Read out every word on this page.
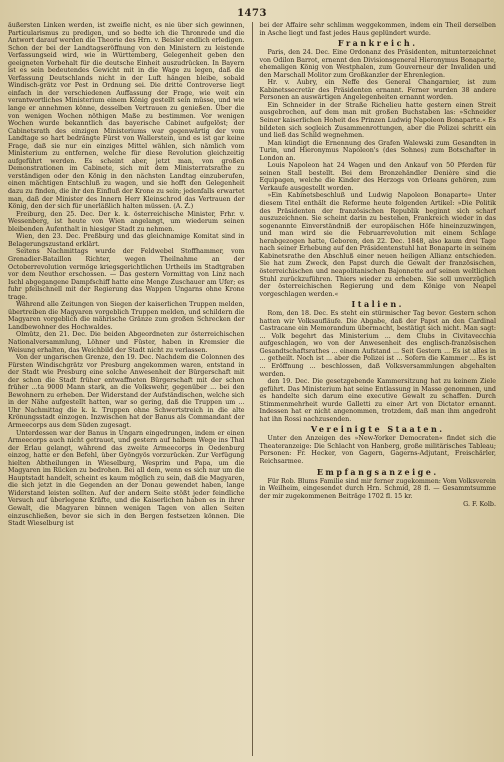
1473

äußersten Linken werden, ist zweifle nicht, es nie über sich gewinnen, Particularismus zu predigen, und so bedte ich die Thronrede und die Antwort darauf werden die Theorie des Hrn. v. Beisler endlich erledigen. Schon der bei der Landtagseröffnung von den Ministern zu leistende Verfassungseid wird, wie in Württemberg, Gelegenheit geben den geeigneten Vorbehalt für die deutsche Einheit auszudrücken. In Bayern ist es sein bedeutendes Gewicht mit in die Wage zu legen, daß die Verfassung Deutschlands nicht in der Luft hängen bleibe, sobald Windisch-grätz vor Pest in Ordnung sei. Die dritte Controverse liegt einfach in der verschiedenen Auffassung der Frage, wie weit ein verantwortliches Ministerium einem König gestellt sein müsse, und wie lange er annehmen könne, desselben Vertrauen zu genießen. Über die von wenigen Wochen nöthigen Maße zu bestimmen. Vor wenigen Wochen wurde bekanntlich das bayerische Cabinet aufgelöst; der Cabinetsrath des einzigen Ministeriums war gegenwärtig der vom Landtage so hart bedrängte Fürst von Wallerstein, und es ist gar keine Frage, daß sie nur ein einziges Mittel wählen, sich nämlich vom Ministerium zu entfernen, welche für diese Revolution gleichzeitig aufgeführt werden. Es scheint aber, jetzt man, von großen Demonstrationen im Cabinete, sich mit dem Ministerratsrathe zu verständigen oder den König in den nächsten Landtag einzuberufen, einen mächtigen Entschluß zu wagen, und sie hofft den Gelegenheit dazu zu finden, die ihr den Einfluß der Krone zu sein; jedenfalls erwartet man, daß der Minister des Innern Herr Kleinschrod das Vertrauen der König, den der sich für unerläßlich halten müssen. (A. Z.)

Freiburg, den 25. Dec. Der k. k. österreichische Minister, Frhr. v. Wessenberg, ist heute von Wien angelangt, um wiederum seinen bleibenden Aufenthalt in hiesiger Stadt zu nehmen.

Wien, den 23. Dec. Preßburg und das gleichnamige Komitat sind in Belagerungszustand erklärt.

Seitens Nachmittags wurde der Feldwebel Stoffhammer, vom Grenadier-Bataillon Richter, wegen Theilnahme an der Octoberrevolution vermöge kriegsgerichtlichen Urtheils im Stadtgraben vor dem Neuthor erschossen. — Das gestern Vormittag von Linz nach Ischl abgegangene Dampfschiff hatte eine Menge Zuschauer am Ufer; es fuhr pfeilschnell mit der Regierung das Wappen Ungarns ohne Krone trage.

Während alle Zeitungen von Siegen der kaiserlichen Truppen melden, übertreiben die Magyaren vorgeblich Truppen melden, und schildern die Magyaren vorgeblich die mährische Gränze zum großen Schrecken der Landbewohner des Hochwaldes.

Olmütz, den 21. Dec. Die beiden Abgeordneten zur österreichischen Nationalversammlung, Löhner und Füster, haben in Kremsier die Weisung erhalten, das Weichbild der Stadt nicht zu verlassen.

Von der ungarischen Grenze, den 19. Dec. Nachdem die Colonnen des Fürsten Windischgrätz vor Presburg angekommen waren, entstand in der Stadt wie Presburg eine solche Anwesenheit der Bürgerschaft mit der schon die Stadt früher entwaffneten Bürgerschaft mit der schon früher ...ta 9000 Mann stark, an die Volkswehr, gegenüber ... bei den Bewohnern zu erheben. Der Widerstand der Aufständischen, welche sich in der Nähe aufgestellt hatten, war so gering, daß die Truppen um ... Uhr Nachmittag die k. k. Truppen ohne Schwertstreich in die alte Krönungsstadt einzogen. Inzwischen hat der Banus als Commandant der Armeecorps aus dem Süden zugesagt.

Unterdessen war der Banus in Ungarn eingedrungen, indem er einen Armeecorps auch nicht getrauet, und gestern auf halbem Wege ins Thal der Erlau gelangt, während das zweite Armeecorps in Oedenburg einzog, hatte er den Befehl, über Gyöngyös vorzurücken. Zur Verfügung hielten Abtheilungen in Wieselburg, Wesprim und Papa, um die Magyaren im Rücken zu bedrohen. Bei all dem, wenn es sich nur um die Hauptstadt handelt, scheint es kaum möglich zu sein, daß die Magyaren, die sich jetzt in die Gegenden an der Donau gewendet haben, lange Widerstand leisten sollten. Auf der andern Seite stößt jeder feindliche Versuch auf überlegene Kräfte, und die Kaiserlichen haben es in ihrer Gewalt, die Magyaren binnen wenigen Tagen von allen Seiten einzuschließen, bevor sie sich in den Bergen festsetzen können. Die Stadt Wieselburg ist

bei der Affaire sehr schlimm weggekommen, indem ein Theil derselben in Asche liegt und fast jedes Haus geplündert wurde.

Frankreich.

Paris, den 24. Dec. Eine Ordonanz des Präsidenten, mitunterzeichnet von Odilon Barrot, ernennt den Divisionsgeneral Hieronymus Bonaparte, ehemaligen König von Westphalen, zum Gouverneur der Invaliden und den Marschall Molitor zum Großkanzler der Ehrenlegion.

Hr. v. Aubry, ein Neffe des General Changarnier, ist zum Kabinetssecretär des Präsidenten ernannt. Ferner wurden 38 andere Personen an auswärtigen Angelegenheiten ernannt worden.

Ein Schneider in der Straße Richelieu hatte gestern einen Streit ausgebrochen, auf dem man mit großen Buchstaben las: »Schneider Seiner kaiserlichen Hoheit des Prinzen Ludwig Napoleon Bonaparte.« Es bildeten sich sogleich Zusammenrottungen, aber die Polizei schritt ein und ließ das Schild wegnehmen.

Man kündigt die Ernennung des Grafen Walewski zum Gesandten in Turin, und Hieronymus Napoleon's (des Sohnes) zum Botschafter in London an.

Louis Napoleon hat 24 Wagen und den Ankauf von 50 Pferden für seinen Stall bestellt. Bei dem Bronzehändler Denière sind die Equipagen, welche die Kinder des Herzogs von Orleans gehören, zum Verkaufe ausgestellt worden.

»Ein Kabinetsbeschluß und Ludwig Napoleon Bonaparte« Unter diesem Titel enthält die Reforme heute folgenden Artikel: »Die Politik des Präsidenten der französischen Republik beginnt sich scharf auszuzeichnen. Sie scheint darin zu bestehen, Frankreich wieder in das sogenannte Einverständniß der europäischen Höfe hineinzuzwingen, und man wird sie die Februarrevolution mit einem Schlage herabgezogen hatte, Geboren, den 22. Dec. 1848, also kaum drei Tage nach seiner Erhebung auf den Präsidentenstuhl hat Bonaparte in seinem Kabinetsrathe den Abschluß einer neuen heiligen Allianz entschieden. Sie hat zum Zweck, den Papst durch die Gewalt der französischen, österreichischen und neapolitanischen Bajonnette auf seinen weltlichen Stuhl zurückzuführen. Thiers wieder zu erheben. Sie soll unverzüglich der österreichischen Regierung und dem Könige von Neapel vorgeschlagen werden.«

Italien.

Rom, den 18. Dec. Es steht ein stürmischer Tag bevor. Gestern schon hatten wir Volksaufläufe. Die Abgabe, daß der Papst an den Cardinal Castracane ein Memorandum übermacht, bestätigt sich nicht. Man sagt: ... Volk begehrt das Ministerium ... dem Clubs in Civitavecchia aufgeschlagen, wo von der Anwesenheit des englisch-französischen Gesandtschaftsrathes ... einem Aufstand ... Seit Gestern ... Es ist alles in ... getheilt. Noch ist ... aber die Polizei ist ... Sofern die Kammer ... Es ist ... Eröffnung ... beschlossen, daß Volksversammlungen abgehalten werden.

den 19. Dec. Die gesetzgebende Kammersitzung hat zu keinem Ziele geführt. Das Ministerium hat seine Entlassung in Masse genommen, und es handelte sich darum eine executive Gewalt zu schaffen. Durch Stimmenmehrheit wurde Galletti zu einer Art von Dictator ernannt. Indessen hat er nicht angenommen, trotzdem, daß man ihm angedroht hat ihn Rossi nachzusenden.

Vereinigte Staaten.

Unter den Anzeigen des »New-Yorker Democraten« findet sich die Theateranzeige: Die Schlacht von Hanberg, große militärisches Tableau; Personen: Fr. Hecker, von Gagern, Gagerns-Adjutant, Freischärler, Reichsarmee.

Empfangsanzeige.

Für Rob. Blums Familie sind mir ferner zugekommen: Vom Volksverein in Weilheim, eingesendet durch Hrn. Schmid, 28 fl. — Gesammtsumme der mir zugekommenen Beiträge 1702 fl. 15 kr.

G. F. Kolb.
